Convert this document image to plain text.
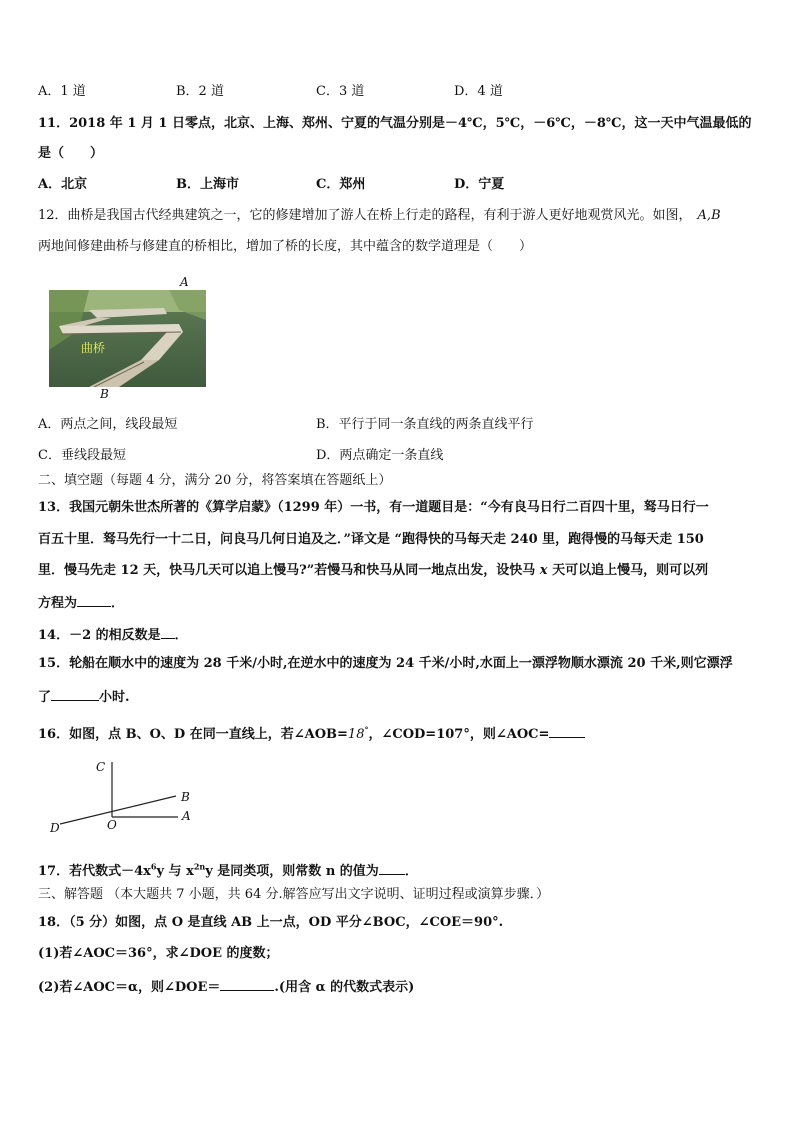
A．1 道	B．2 道	C．3 道	D．4 道
11．2018 年 1 月 1 日零点，北京、上海、郑州、宁夏的气温分别是－4℃，5℃，－6℃，－8℃，这一天中气温最低的
是（　　）
A．北京	B．上海市	C．郑州	D．宁夏
12．曲桥是我国古代经典建筑之一，它的修建增加了游人在桥上行走的路程，有利于游人更好地观赏风光。如图， A,B
两地间修建曲桥与修建直的桥相比，增加了桥的长度，其中蕴含的数学道理是（　　）
A
曲桥
B
A．两点之间，线段最短	B．平行于同一条直线的两条直线平行
C．垂线段最短	D．两点确定一条直线
二、填空题（每题 4 分，满分 20 分，将答案填在答题纸上）
13．我国元朝朱世杰所著的《算学启蒙》（1299 年）一书，有一道题目是：“今有良马日行二百四十里，驽马日行一
百五十里．驽马先行一十二日，问良马几何日追及之．”译文是 “跑得快的马每天走 240 里，跑得慢的马每天走 150
里．慢马先走 12 天，快马几天可以追上慢马?”若慢马和快马从同一地点出发，设快马 x 天可以追上慢马，则可以列
方程为	．
14．－2 的相反数是 ．
15．轮船在顺水中的速度为 28 千米/小时,在逆水中的速度为 24 千米/小时,水面上一漂浮物顺水漂流 20 千米,则它漂浮
了	小时.
16．如图，点 B、O、D 在同一直线上，若∠AOB=18°，∠COD=107°，则∠AOC=
C
B
O
A
D
17．若代数式$-4x^6y$ 与 $x^{2n}y$ 是同类项，则常数 n 的值为 ．
三、解答题 （本大题共 7 小题，共 64 分.解答应写出文字说明、证明过程或演算步骤．）
18．（5 分）如图，点 O 是直线 AB 上一点，OD 平分∠BOC，∠COE＝90°.
(1)若∠AOC＝36°，求∠DOE 的度数；
(2)若∠AOC＝α，则∠DOE＝	.(用含 α 的代数式表示)
